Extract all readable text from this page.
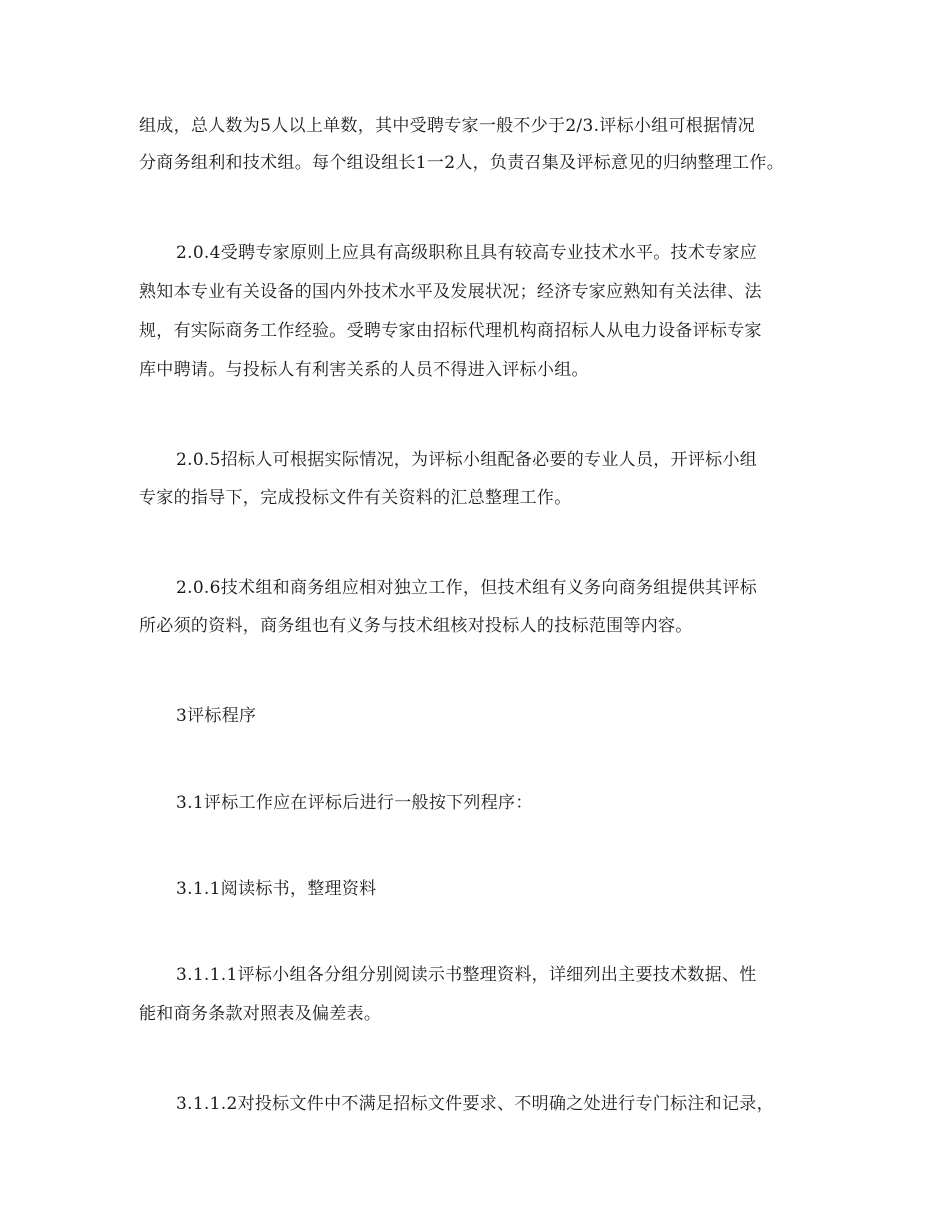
组成，总人数为5人以上单数，其中受聘专家一般不少于2/3.评标小组可根据情况
分商务组利和技术组。每个组设组长1一2人，负责召集及评标意见的归纳整理工作。
2.0.4受聘专家原则上应具有高级职称且具有较高专业技术水平。技术专家应
熟知本专业有关设备的国内外技术水平及发展状况；经济专家应熟知有关法律、法
规，有实际商务工作经验。受聘专家由招标代理机构商招标人从电力设备评标专家
库中聘请。与投标人有利害关系的人员不得进入评标小组。
2.0.5招标人可根据实际情况，为评标小组配备必要的专业人员，开评标小组
专家的指导下，完成投标文件有关资料的汇总整理工作。
2.0.6技术组和商务组应相对独立工作，但技术组有义务向商务组提供其评标
所必须的资料，商务组也有义务与技术组核对投标人的技标范围等内容。
3评标程序
3.1评标工作应在评标后进行一般按下列程序：
3.1.1阅读标书，整理资料
3.1.1.1评标小组各分组分别阅读示书整理资料，详细列出主要技术数据、性
能和商务条款对照表及偏差表。
3.1.1.2对投标文件中不满足招标文件要求、不明确之处进行专门标注和记录，
